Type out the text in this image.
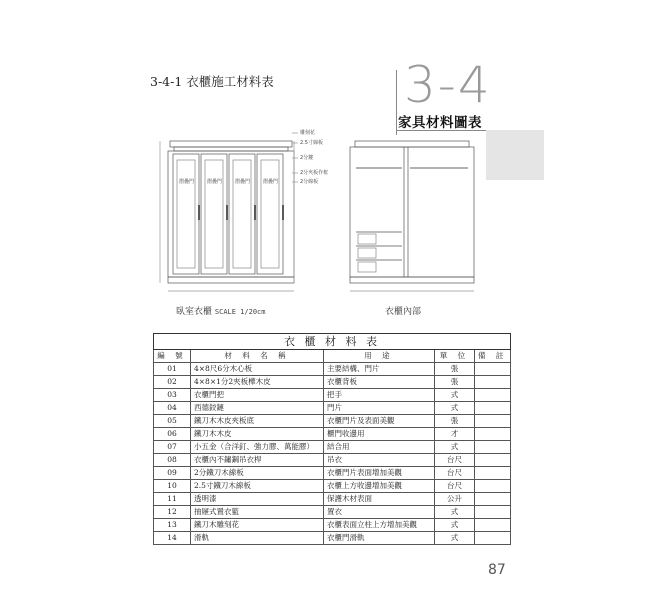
3-4-1 衣櫃施工材料表	3-4
家具材料圖表
雕刻花
2.5寸線板
2分鏤
2分夾板作框
2分線板
摺疊門	摺疊門	摺疊門	摺疊門
臥室衣櫃 SCALE 1/20cm	衣櫃內部
衣 櫃 材 料 表				
編 號	材 料 名 稱	用 途	單 位	備 註
01	4×8尺6分木心板	主要結構、門片	張	
02	4×8×1分2夾板樺木皮	衣櫃背板	張	
03	衣櫃門把	把手	式	
04	西德鉸鏈	門片	式	
05	鐵刀木木皮夾板底	衣櫃門片及表面美觀	張	
06	鐵刀木木皮	櫃門收邊用	才	
07	小五金（合洋釘、強力膠、萬能膠）	結合用	式	
08	衣櫃內不鏽鋼吊衣桿	吊衣	台尺	
09	2分鐵刀木線板	衣櫃門片表面增加美觀	台尺	
10	2.5寸鐵刀木線板	衣櫃上方收邊增加美觀	台尺	
11	透明漆	保護木材表面	公升	
12	抽屜式置衣籃	置衣	式	
13	鐵刀木雕刻花	衣櫃表面立柱上方增加美觀	式	
14	滑軌	衣櫃門滑軌	式	
87
